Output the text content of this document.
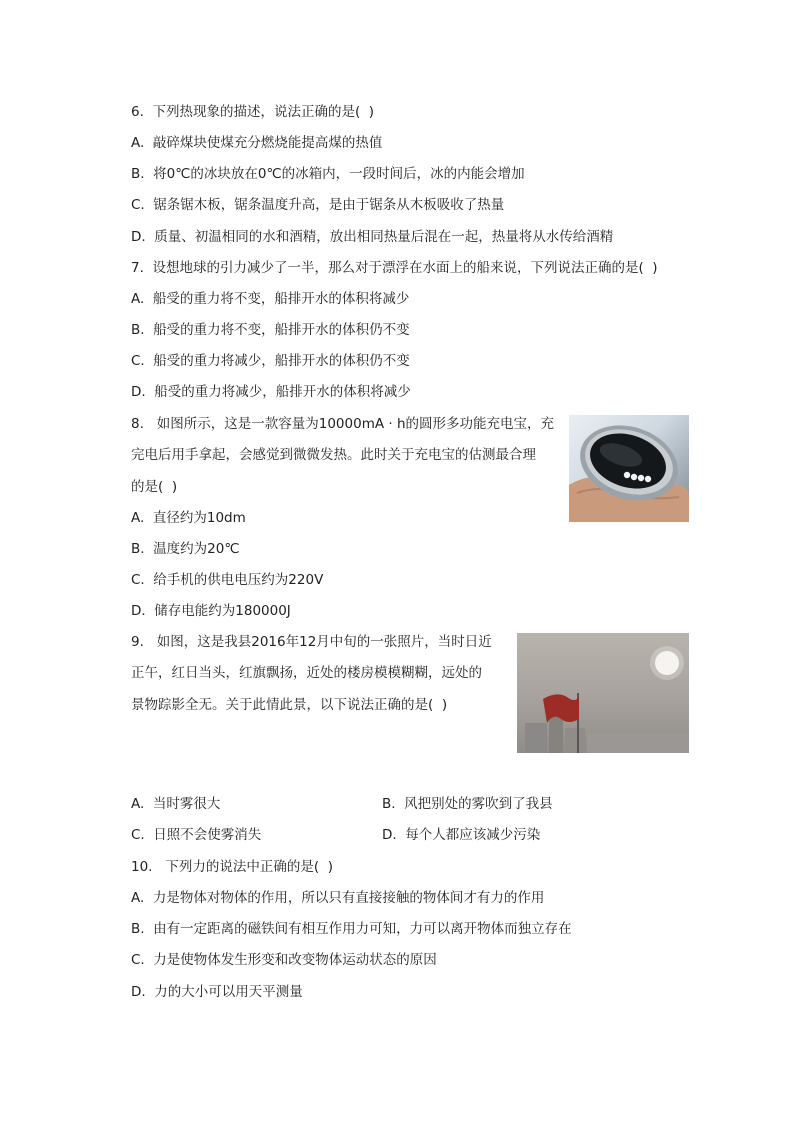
6.  下列热现象的描述，说法正确的是(  )
A.  敲碎煤块使煤充分燃烧能提高煤的热值
B.  将0℃的冰块放在0℃的冰箱内，一段时间后，冰的内能会增加
C.  锯条锯木板，锯条温度升高，是由于锯条从木板吸收了热量
D.  质量、初温相同的水和酒精，放出相同热量后混在一起，热量将从水传给酒精
7.  设想地球的引力减少了一半，那么对于漂浮在水面上的船来说，下列说法正确的是(  )
A.  船受的重力将不变，船排开水的体积将减少
B.  船受的重力将不变，船排开水的体积仍不变
C.  船受的重力将减少，船排开水的体积仍不变
D.  船受的重力将减少，船排开水的体积将减少
8.   如图所示，这是一款容量为10000mA · h的圆形多功能充电宝，充
完电后用手拿起，会感觉到微微发热。此时关于充电宝的估测最合理
的是(  )
A.  直径约为10dm
B.  温度约为20℃
C.  给手机的供电电压约为220V
D.  储存电能约为180000J
9.   如图，这是我县2016年12月中旬的一张照片，当时日近
正午，红日当头，红旗飘扬，近处的楼房模模糊糊，远处的
景物踪影全无。关于此情此景，以下说法正确的是(  )
A.  当时雾很大	B.  风把别处的雾吹到了我县
C.  日照不会使雾消失	D.  每个人都应该减少污染
10.   下列力的说法中正确的是(  )
A.  力是物体对物体的作用，所以只有直接接触的物体间才有力的作用
B.  由有一定距离的磁铁间有相互作用力可知，力可以离开物体而独立存在
C.  力是使物体发生形变和改变物体运动状态的原因
D.  力的大小可以用天平测量
